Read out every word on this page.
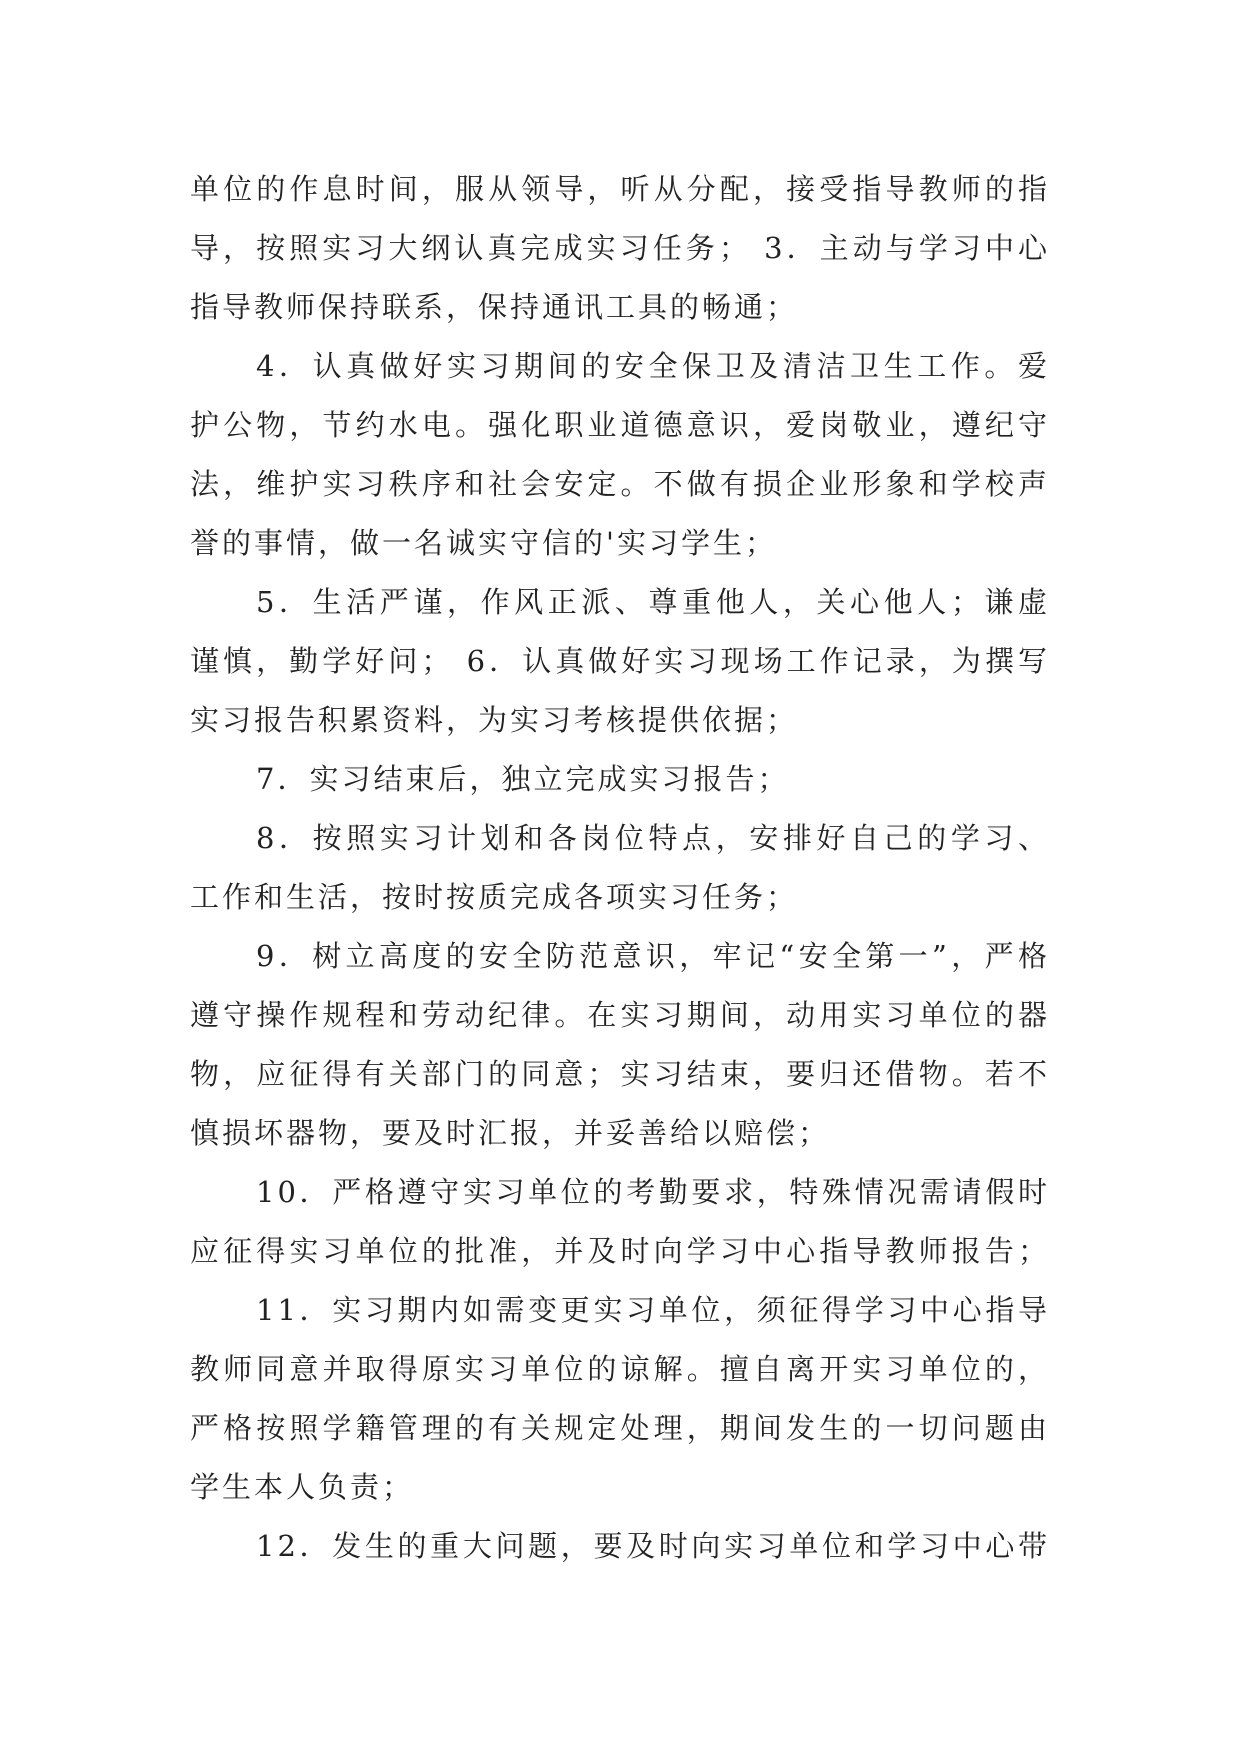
单位的作息时间，服从领导，听从分配，接受指导教师的指
导，按照实习大纲认真完成实习任务； 3．主动与学习中心
指导教师保持联系，保持通讯工具的畅通；
4．认真做好实习期间的安全保卫及清洁卫生工作。爱
护公物，节约水电。强化职业道德意识，爱岗敬业，遵纪守
法，维护实习秩序和社会安定。不做有损企业形象和学校声
誉的事情，做一名诚实守信的'实习学生；
5．生活严谨，作风正派、尊重他人，关心他人；谦虚
谨慎，勤学好问； 6．认真做好实习现场工作记录，为撰写
实习报告积累资料，为实习考核提供依据；
7．实习结束后，独立完成实习报告；
8．按照实习计划和各岗位特点，安排好自己的学习、
工作和生活，按时按质完成各项实习任务；
9．树立高度的安全防范意识，牢记“安全第一”，严格
遵守操作规程和劳动纪律。在实习期间，动用实习单位的器
物，应征得有关部门的同意；实习结束，要归还借物。若不
慎损坏器物，要及时汇报，并妥善给以赔偿；
10．严格遵守实习单位的考勤要求，特殊情况需请假时
应征得实习单位的批准，并及时向学习中心指导教师报告；
11．实习期内如需变更实习单位，须征得学习中心指导
教师同意并取得原实习单位的谅解。擅自离开实习单位的，
严格按照学籍管理的有关规定处理，期间发生的一切问题由
学生本人负责；
12．发生的重大问题，要及时向实习单位和学习中心带
